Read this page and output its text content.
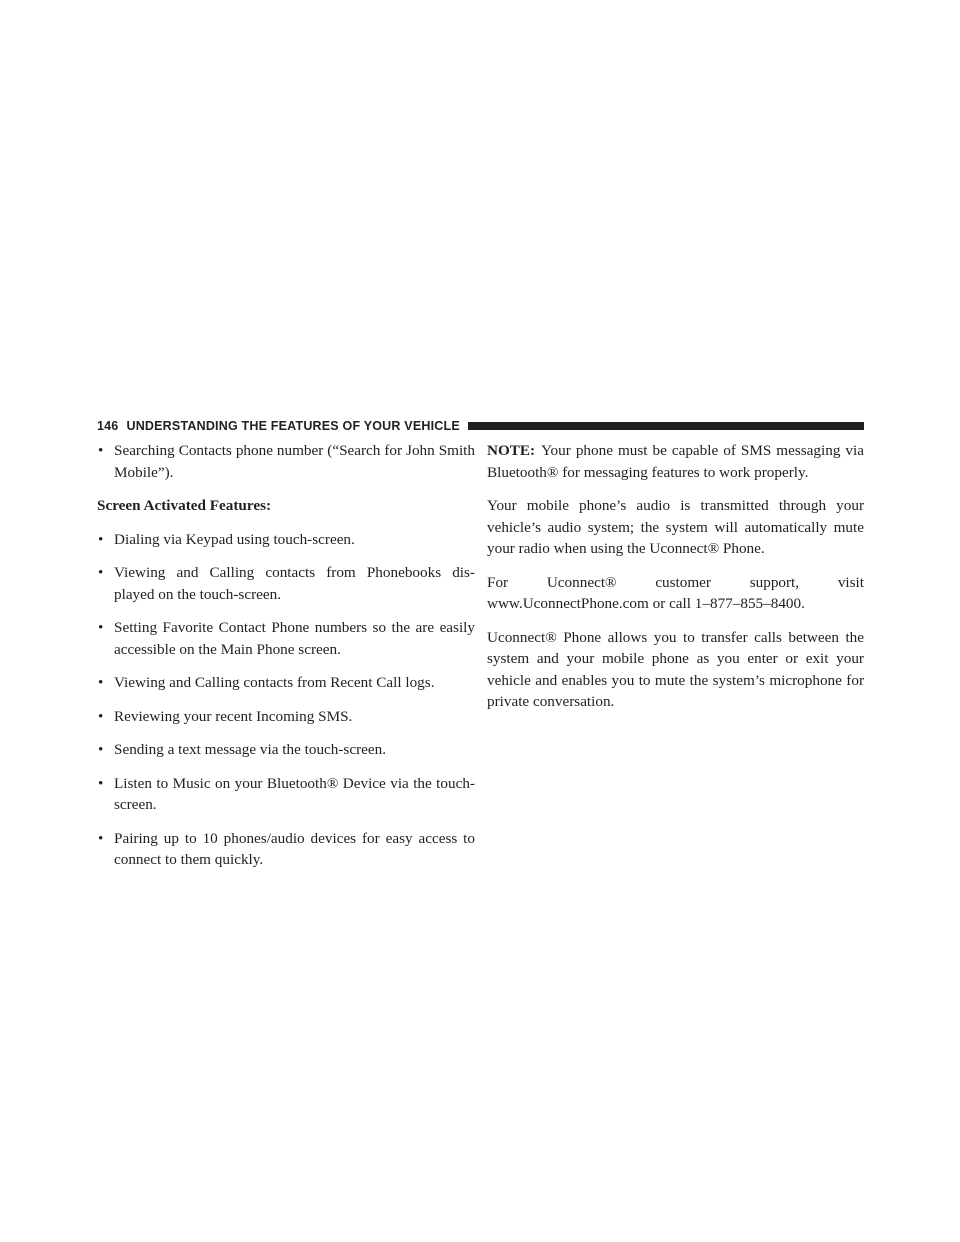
146 UNDERSTANDING THE FEATURES OF YOUR VEHICLE
• Searching Contacts phone number (“Search for John Smith Mobile”).

Screen Activated Features:

• Dialing via Keypad using touch-screen.
• Viewing and Calling contacts from Phonebooks dis- played on the touch-screen.
• Setting Favorite Contact Phone numbers so the are easily accessible on the Main Phone screen.
• Viewing and Calling contacts from Recent Call logs.
• Reviewing your recent Incoming SMS.
• Sending a text message via the touch-screen.
• Listen to Music on your Bluetooth® Device via the touch-screen.
• Pairing up to 10 phones/audio devices for easy access to connect to them quickly.

NOTE: Your phone must be capable of SMS messaging via Bluetooth® for messaging features to work properly.

Your mobile phone’s audio is transmitted through your vehicle’s audio system; the system will automatically mute your radio when using the Uconnect® Phone.

For	Uconnect®	customer	support,	visit
www.UconnectPhone.com or call 1–877–855–8400.

Uconnect® Phone allows you to transfer calls between the system and your mobile phone as you enter or exit your vehicle and enables you to mute the system’s microphone for private conversation.
